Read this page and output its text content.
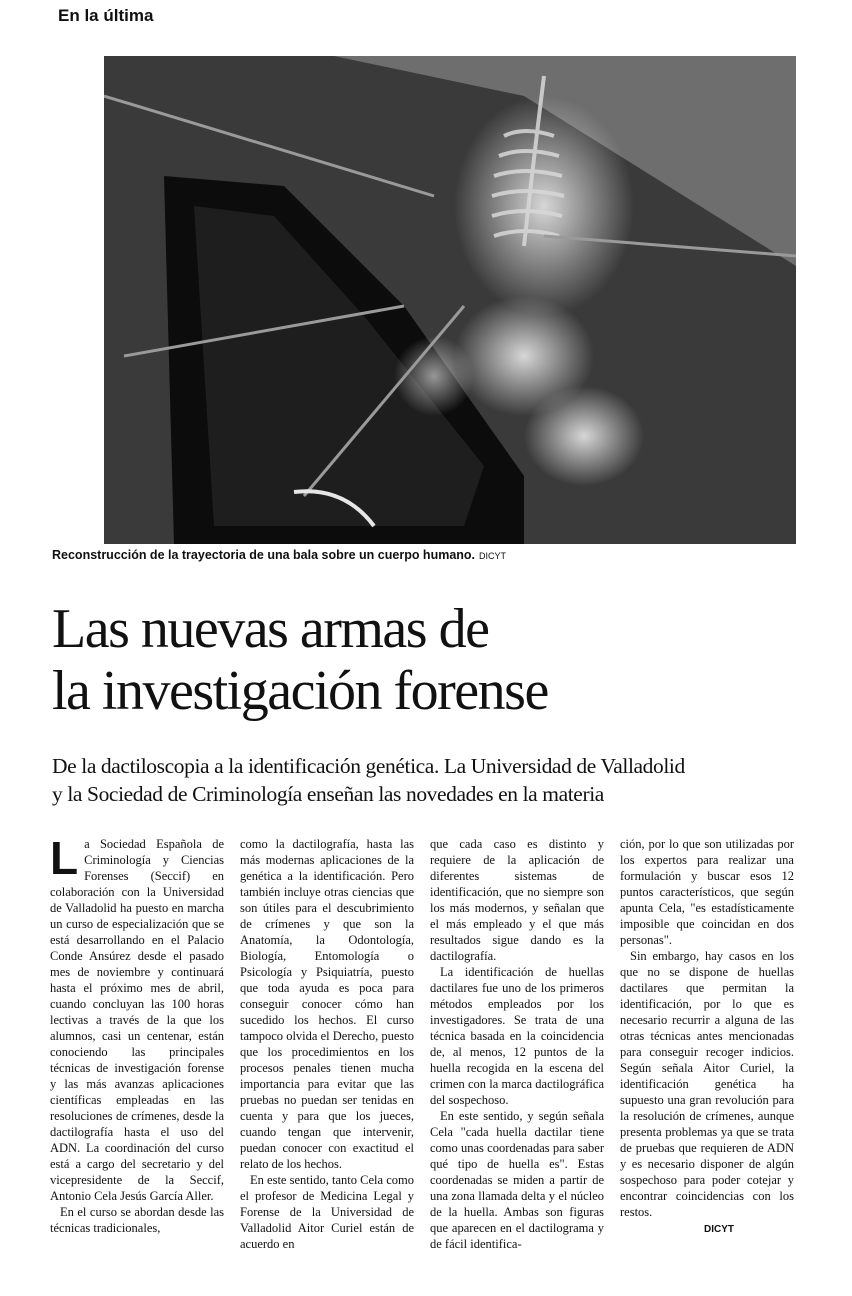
En la última
Reconstrucción de la trayectoria de una bala sobre un cuerpo humano. DICYT
Las nuevas armas de
la investigación forense
De la dactiloscopia a la identificación genética. La Universidad de Valladolid
y la Sociedad de Criminología enseñan las novedades en la materia

La Sociedad Española de Criminología y Ciencias Forenses (Seccif) en colaboración con la Universidad de Valladolid ha puesto en marcha un curso de especialización que se está desarrollando en el Palacio Conde Ansúrez desde el pasado mes de noviembre y continuará hasta el próximo mes de abril, cuando concluyan las 100 horas lectivas a través de la que los alumnos, casi un centenar, están conociendo las principales técnicas de investigación forense y las más avanzas aplicaciones científicas empleadas en las resoluciones de crímenes, desde la dactilografía hasta el uso del ADN. La coordinación del curso está a cargo del secretario y del vicepresidente de la Seccif, Antonio Cela Jesús García Aller.

En el curso se abordan desde las técnicas tradicionales,

como la dactilografía, hasta las más modernas aplicaciones de la genética a la identificación. Pero también incluye otras ciencias que son útiles para el descubrimiento de crímenes y que son la Anatomía, la Odontología, Biología, Entomología o Psicología y Psiquiatría, puesto que toda ayuda es poca para conseguir conocer cómo han sucedido los hechos. El curso tampoco olvida el Derecho, puesto que los procedimientos en los procesos penales tienen mucha importancia para evitar que las pruebas no puedan ser tenidas en cuenta y para que los jueces, cuando tengan que intervenir, puedan conocer con exactitud el relato de los hechos.

En este sentido, tanto Cela como el profesor de Medicina Legal y Forense de la Universidad de Valladolid Aitor Curiel están de acuerdo en

que cada caso es distinto y requiere de la aplicación de diferentes sistemas de identificación, que no siempre son los más modernos, y señalan que el más empleado y el que más resultados sigue dando es la dactilografía.

La identificación de huellas dactilares fue uno de los primeros métodos empleados por los investigadores. Se trata de una técnica basada en la coincidencia de, al menos, 12 puntos de la huella recogida en la escena del crimen con la marca dactilográfica del sospechoso.

En este sentido, y según señala Cela "cada huella dactilar tiene como unas coordenadas para saber qué tipo de huella es". Estas coordenadas se miden a partir de una zona llamada delta y el núcleo de la huella. Ambas son figuras que aparecen en el dactilograma y de fácil identifica-

ción, por lo que son utilizadas por los expertos para realizar una formulación y buscar esos 12 puntos característicos, que según apunta Cela, "es estadísticamente imposible que coincidan en dos personas".

Sin embargo, hay casos en los que no se dispone de huellas dactilares que permitan la identificación, por lo que es necesario recurrir a alguna de las otras técnicas antes mencionadas para conseguir recoger indicios. Según señala Aitor Curiel, la identificación genética ha supuesto una gran revolución para la resolución de crímenes, aunque presenta problemas ya que se trata de pruebas que requieren de ADN y es necesario disponer de algún sospechoso para poder cotejar y encontrar coincidencias con los restos.

DICYT
